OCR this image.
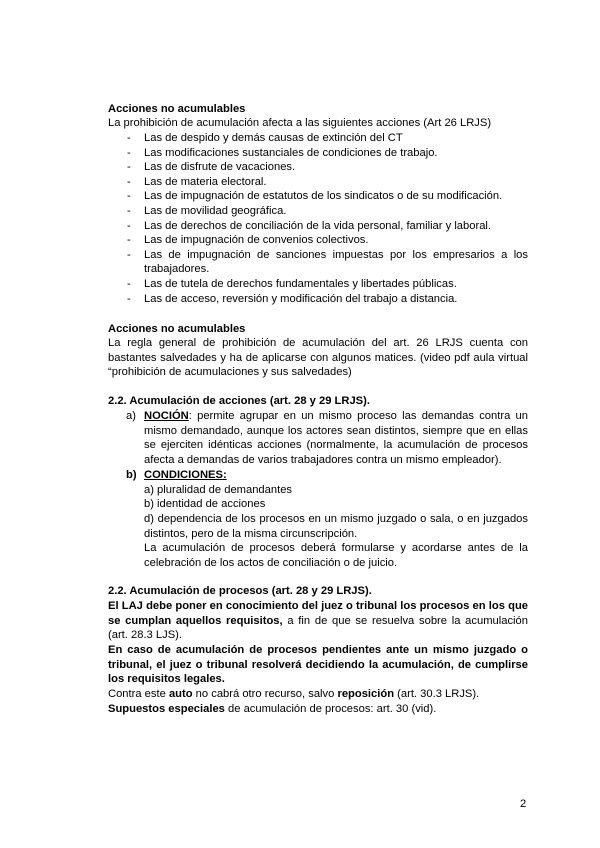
Acciones no acumulables
La prohibición de acumulación afecta a las siguientes acciones (Art 26 LRJS)
- Las de despido y demás causas de extinción del CT
- Las modificaciones sustanciales de condiciones de trabajo.
- Las de disfrute de vacaciones.
- Las de materia electoral.
- Las de impugnación de estatutos de los sindicatos o de su modificación.
- Las de movilidad geográfica.
- Las de derechos de conciliación de la vida personal, familiar y laboral.
- Las de impugnación de convenios colectivos.
- Las de impugnación de sanciones impuestas por los empresarios a los trabajadores.
- Las de tutela de derechos fundamentales y libertades públicas.
- Las de acceso, reversión y modificación del trabajo a distancia.
Acciones no acumulables
La regla general de prohibición de acumulación del art. 26 LRJS cuenta con bastantes salvedades y ha de aplicarse con algunos matices. (video pdf aula virtual “prohibición de acumulaciones y sus salvedades)
2.2. Acumulación de acciones (art. 28 y 29 LRJS).
a) NOCIÓN: permite agrupar en un mismo proceso las demandas contra un mismo demandado, aunque los actores sean distintos, siempre que en ellas se ejerciten idénticas acciones (normalmente, la acumulación de procesos afecta a demandas de varios trabajadores contra un mismo empleador).
b) CONDICIONES:
a) pluralidad de demandantes
b) identidad de acciones
d) dependencia de los procesos en un mismo juzgado o sala, o en juzgados distintos, pero de la misma circunscripción.
La acumulación de procesos deberá formularse y acordarse antes de la celebración de los actos de conciliación o de juicio.
2.2. Acumulación de procesos (art. 28 y 29 LRJS).
El LAJ debe poner en conocimiento del juez o tribunal los procesos en los que se cumplan aquellos requisitos, a fin de que se resuelva sobre la acumulación (art. 28.3 LJS).
En caso de acumulación de procesos pendientes ante un mismo juzgado o tribunal, el juez o tribunal resolverá decidiendo la acumulación, de cumplirse los requisitos legales.
Contra este auto no cabrá otro recurso, salvo reposición (art. 30.3 LRJS).
Supuestos especiales de acumulación de procesos: art. 30 (vid).
2
